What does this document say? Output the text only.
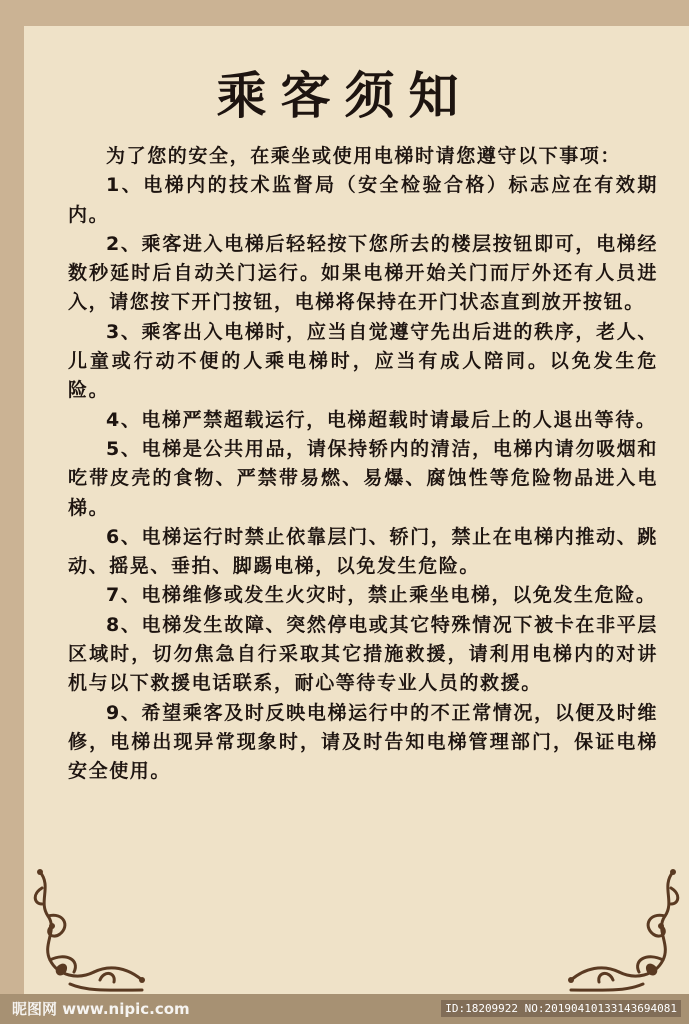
乘客须知

为了您的安全，在乘坐或使用电梯时请您遵守以下事项：

1、电梯内的技术监督局（安全检验合格）标志应在有效期内。

2、乘客进入电梯后轻轻按下您所去的楼层按钮即可，电梯经数秒延时后自动关门运行。如果电梯开始关门而厅外还有人员进入，请您按下开门按钮，电梯将保持在开门状态直到放开按钮。

3、乘客出入电梯时，应当自觉遵守先出后进的秩序，老人、儿童或行动不便的人乘电梯时，应当有成人陪同。以免发生危险。

4、电梯严禁超载运行，电梯超载时请最后上的人退出等待。

5、电梯是公共用品，请保持轿内的清洁，电梯内请勿吸烟和吃带皮壳的食物、严禁带易燃、易爆、腐蚀性等危险物品进入电梯。

6、电梯运行时禁止依靠层门、轿门，禁止在电梯内推动、跳动、摇晃、垂拍、脚踢电梯，以免发生危险。

7、电梯维修或发生火灾时，禁止乘坐电梯，以免发生危险。

8、电梯发生故障、突然停电或其它特殊情况下被卡在非平层区域时，切勿焦急自行采取其它措施救援，请利用电梯内的对讲机与以下救援电话联系，耐心等待专业人员的救援。

9、希望乘客及时反映电梯运行中的不正常情况，以便及时维修，电梯出现异常现象时，请及时告知电梯管理部门，保证电梯安全使用。

昵图网 www.nipic.com	ID:18209922 NO:20190410133143694081
